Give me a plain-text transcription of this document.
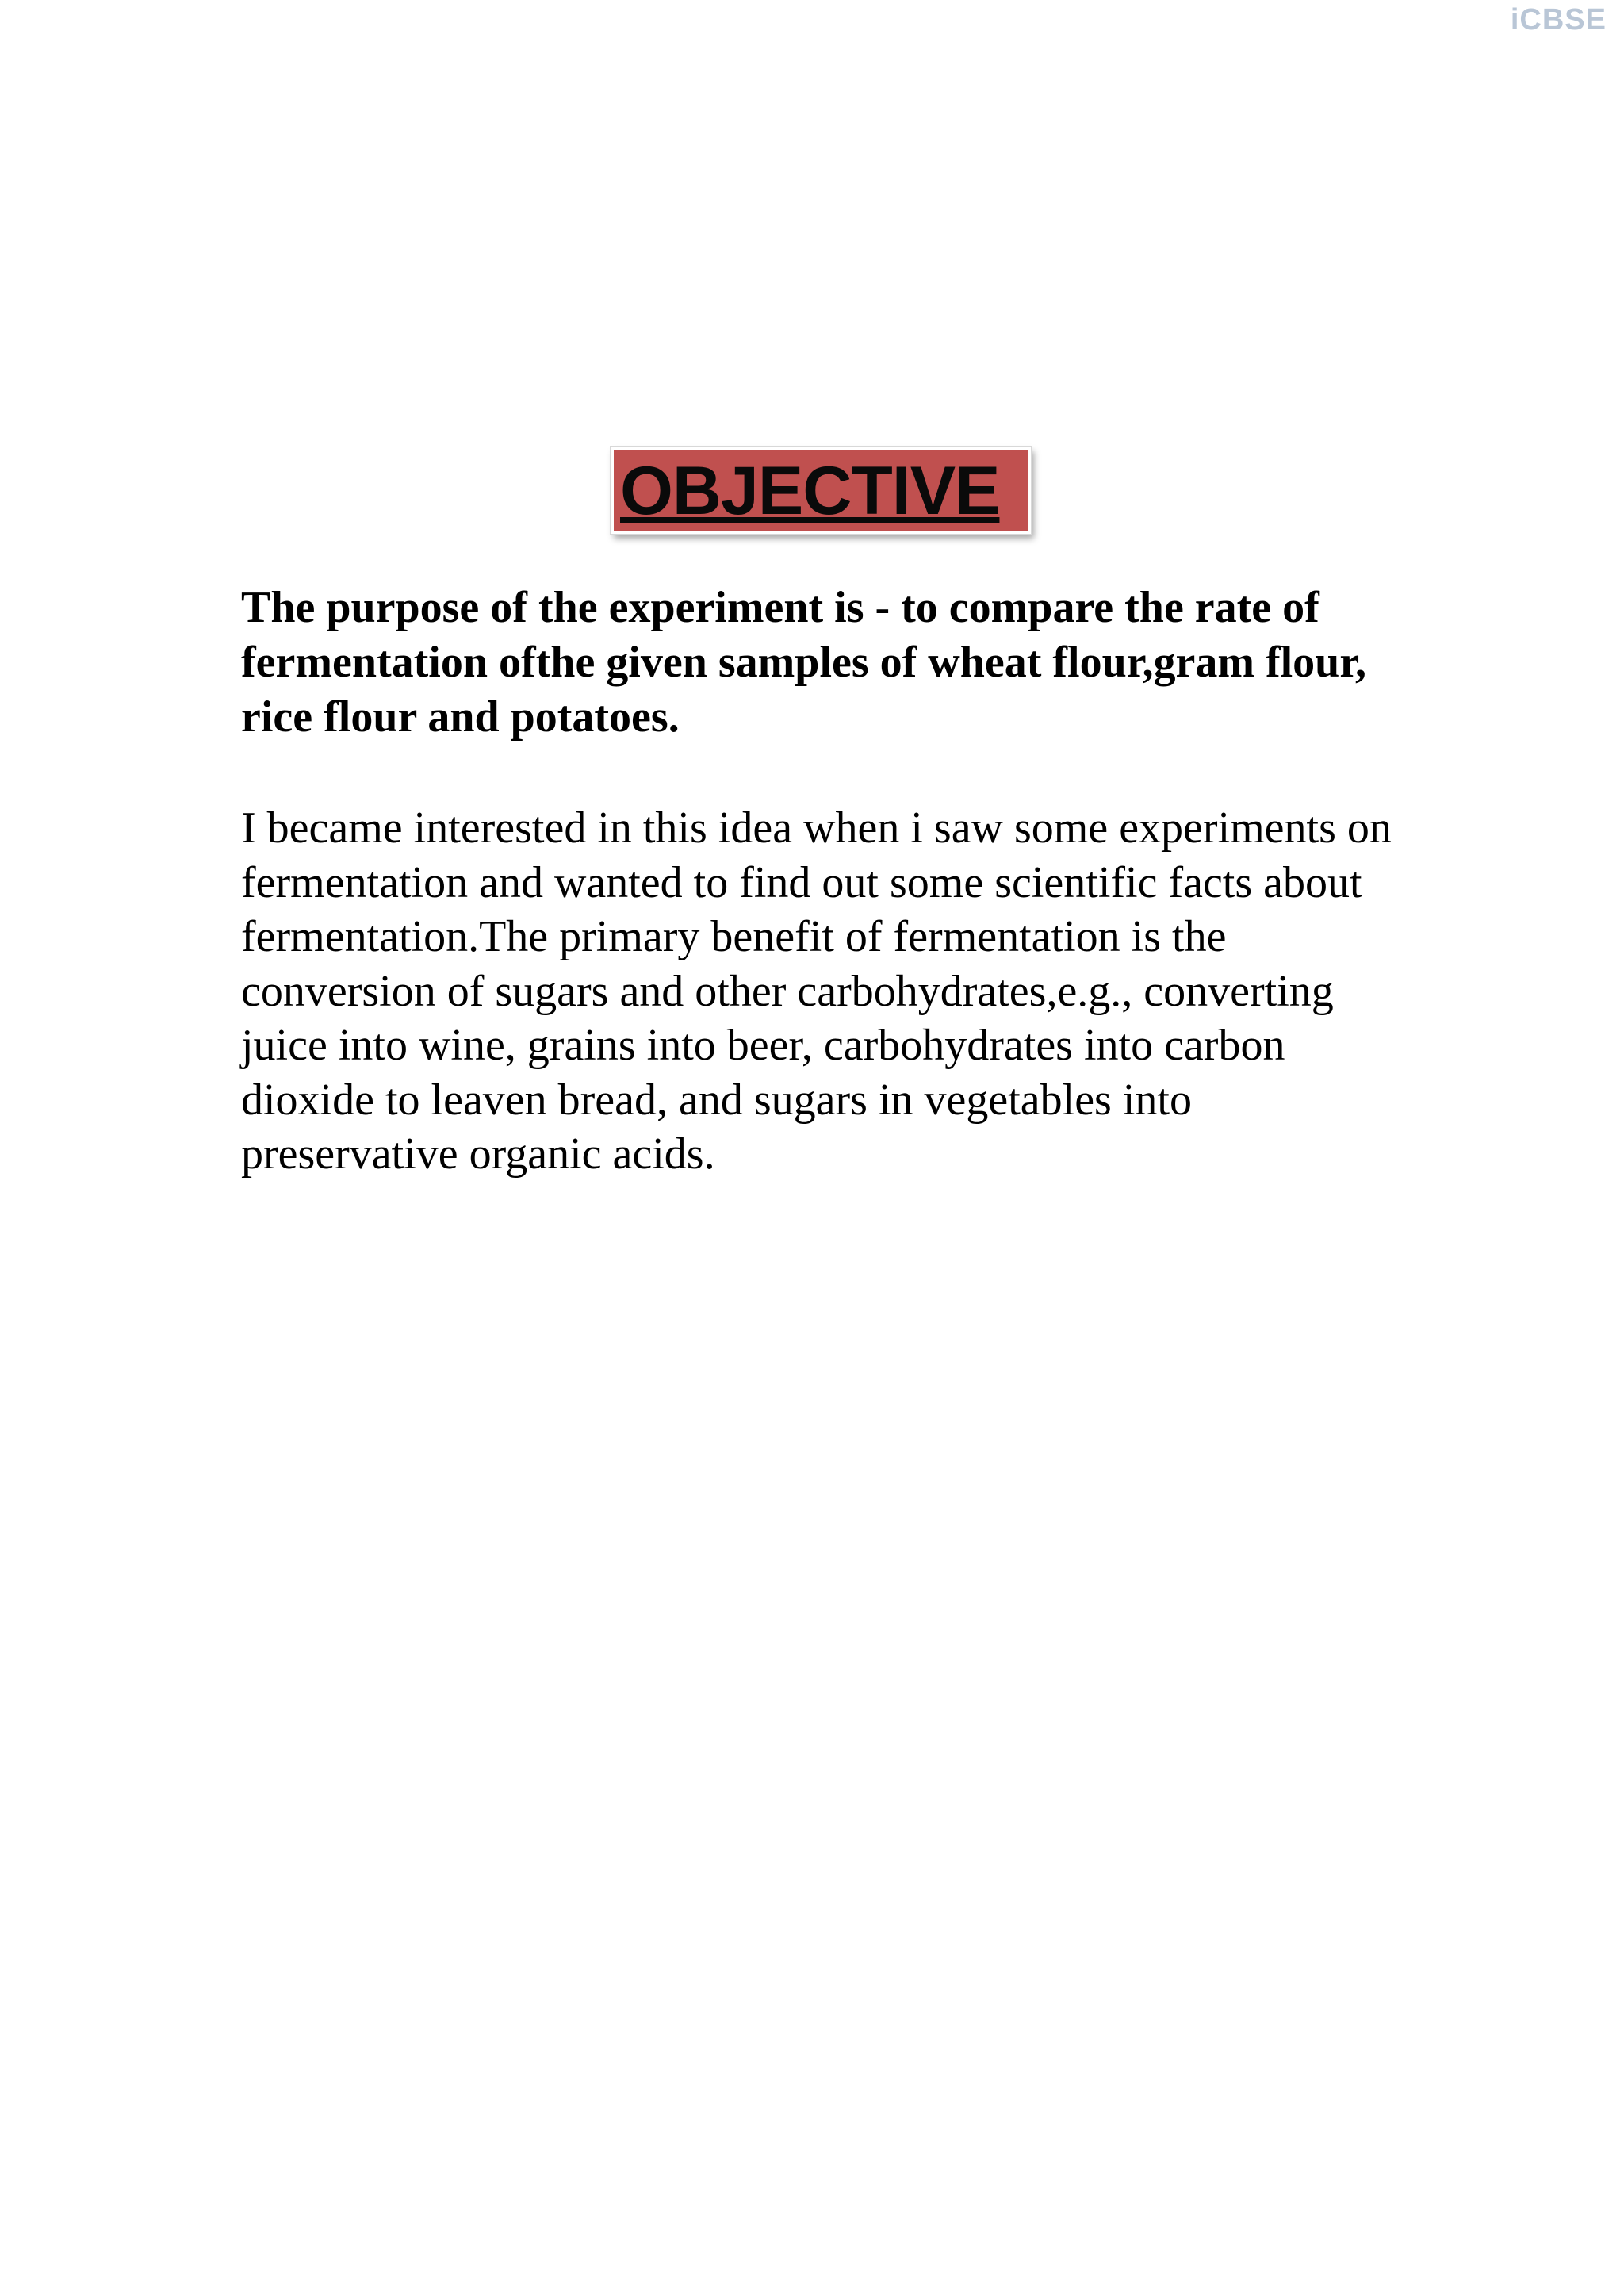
iCBSE
OBJECTIVE

The purpose of the experiment is - to compare the rate of fermentation ofthe given samples of wheat flour,gram flour, rice flour and potatoes.

I became interested in this idea when i saw some experiments on fermentation and wanted to find out some scientific facts about fermentation.The primary benefit of fermentation is the conversion of sugars and other carbohydrates,e.g., converting juice into wine, grains into beer, carbohydrates into carbon dioxide to leaven bread, and sugars in vegetables into preservative organic acids.
